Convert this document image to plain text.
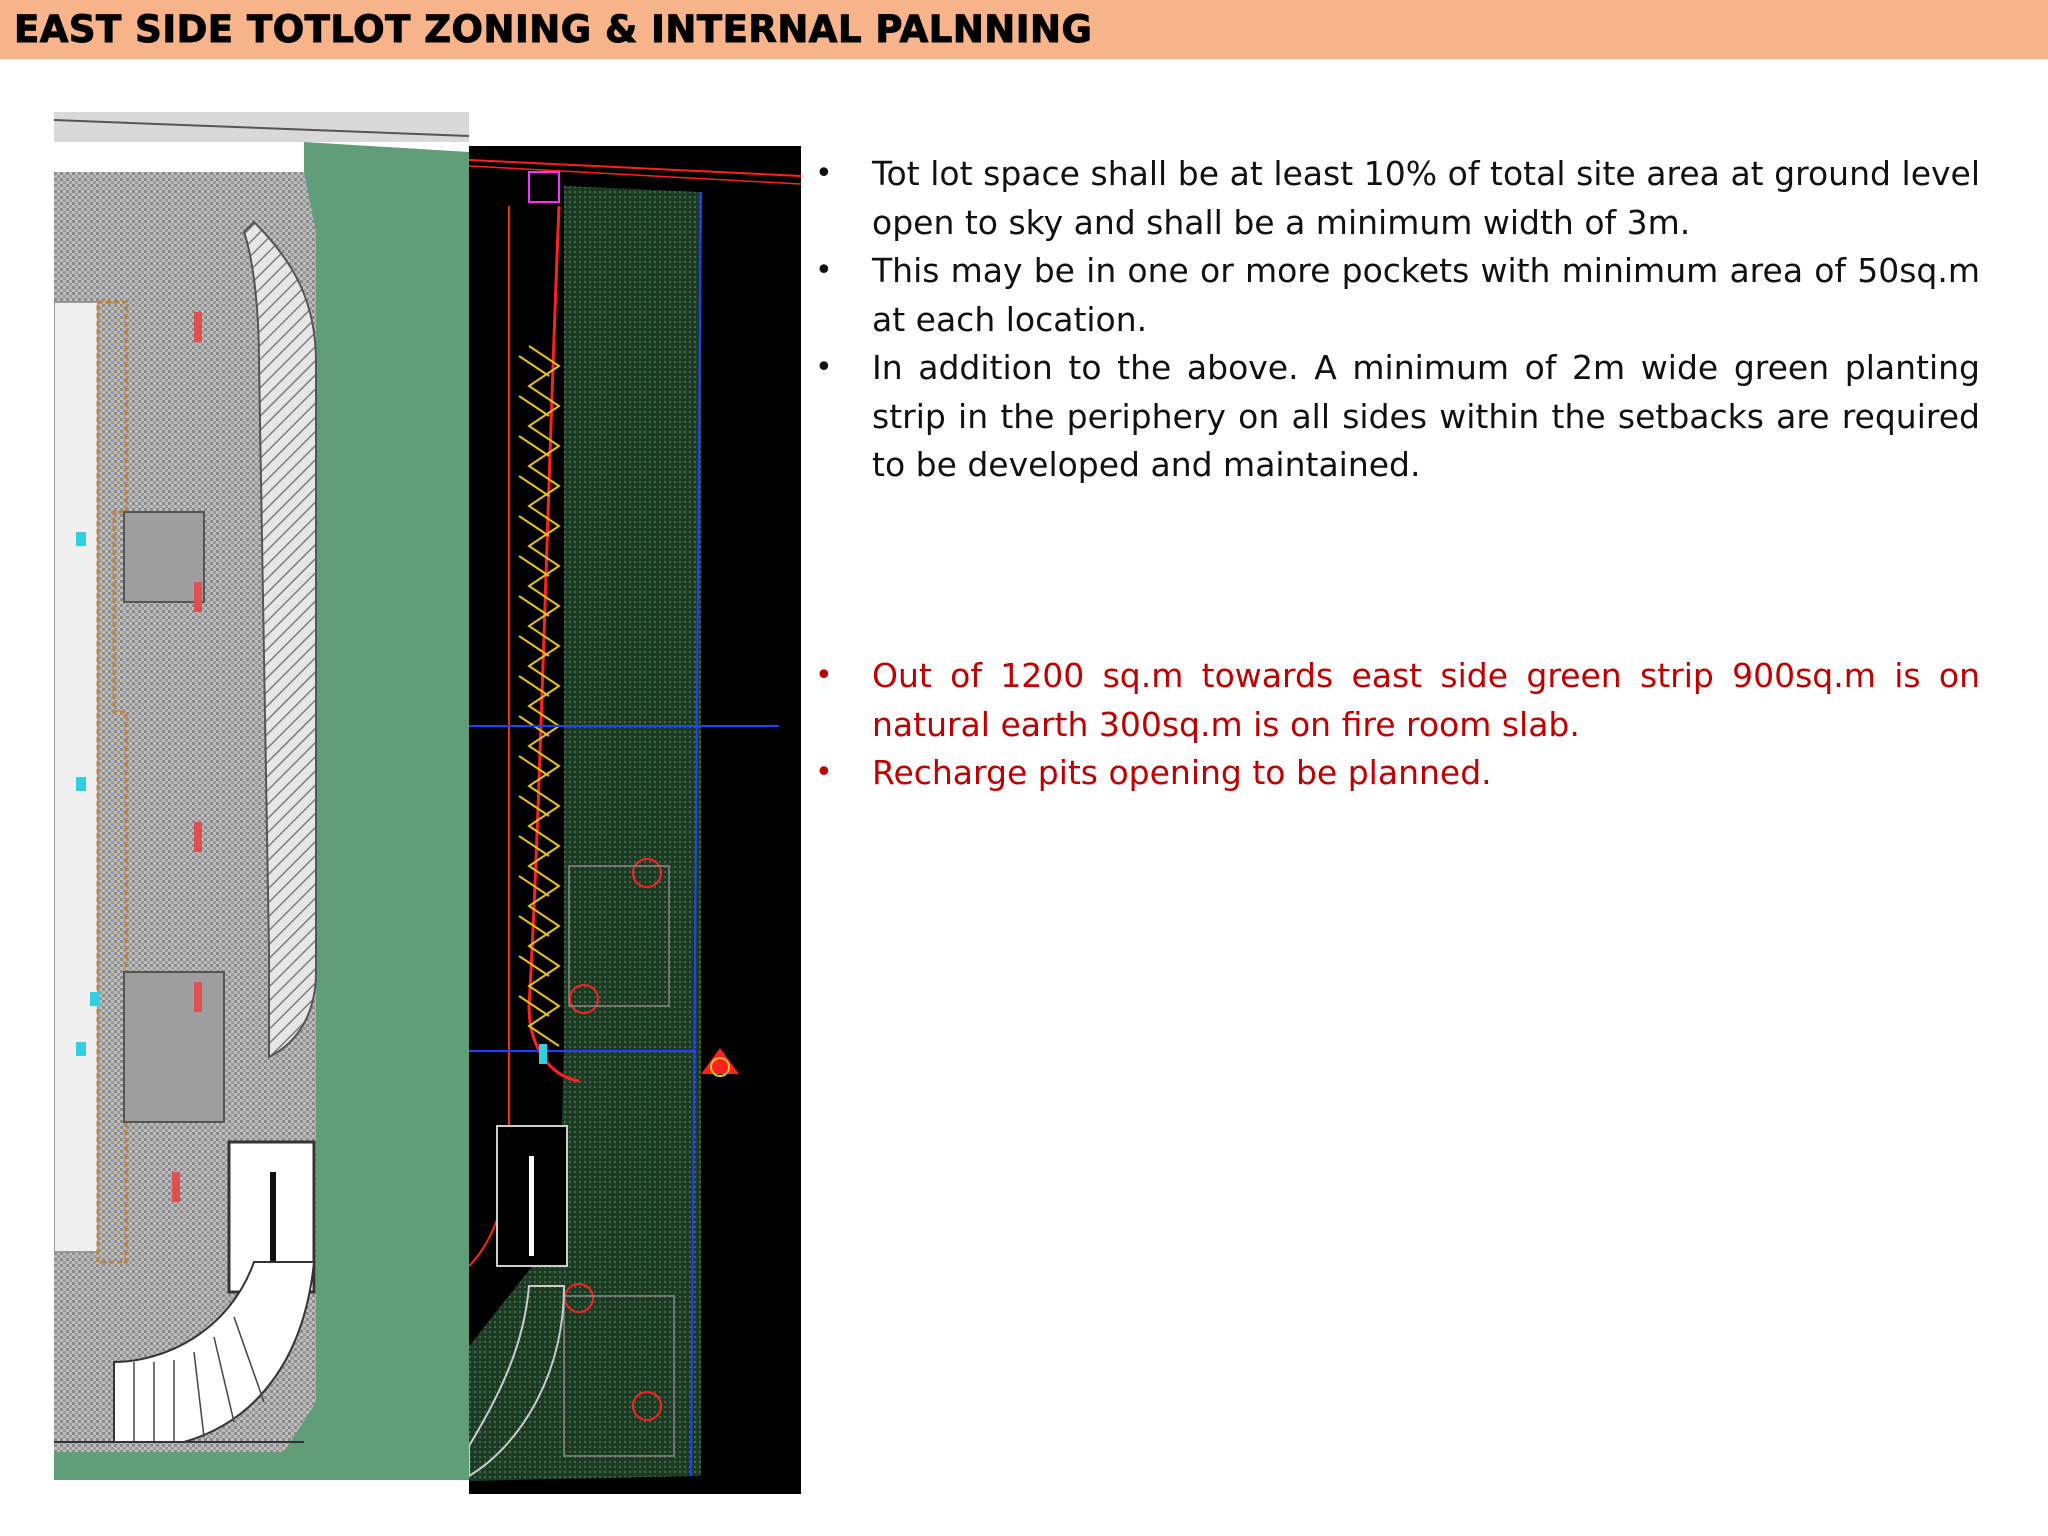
EAST SIDE TOTLOT ZONING & INTERNAL PALNNING
• Tot lot space shall be at least 10% of total site area at ground level open to sky and shall be a minimum width of 3m.
• This may be in one or more pockets with minimum area of 50sq.m at each location.
• In addition to the above. A minimum of 2m wide green planting strip in the periphery on all sides within the setbacks are required to be developed and maintained.
• Out of 1200 sq.m towards east side green strip 900sq.m is on natural earth 300sq.m is on fire room slab.
• Recharge pits opening to be planned.
